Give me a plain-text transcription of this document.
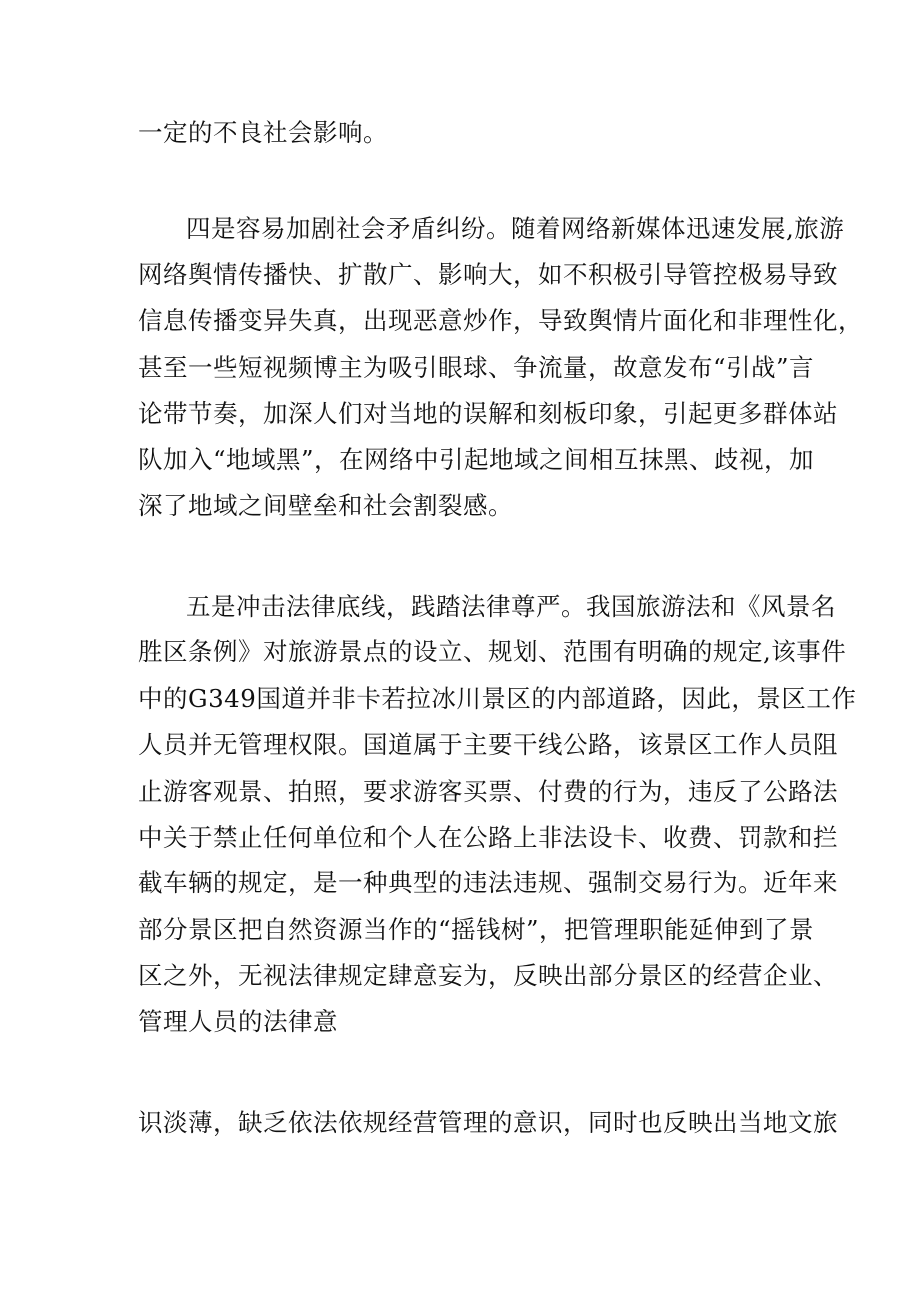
一定的不良社会影响。
四是容易加剧社会矛盾纠纷。随着网络新媒体迅速发展,旅游
网络舆情传播快、扩散广、影响大，如不积极引导管控极易导致
信息传播变异失真，出现恶意炒作，导致舆情片面化和非理性化，
甚至一些短视频博主为吸引眼球、争流量，故意发布“引战”言
论带节奏，加深人们对当地的误解和刻板印象，引起更多群体站
队加入“地域黑”，在网络中引起地域之间相互抹黑、歧视，加
深了地域之间壁垒和社会割裂感。
五是冲击法律底线，践踏法律尊严。我国旅游法和《风景名
胜区条例》对旅游景点的设立、规划、范围有明确的规定,该事件
中的G349国道并非卡若拉冰川景区的内部道路，因此，景区工作
人员并无管理权限。国道属于主要干线公路，该景区工作人员阻
止游客观景、拍照，要求游客买票、付费的行为，违反了公路法
中关于禁止任何单位和个人在公路上非法设卡、收费、罚款和拦
截车辆的规定，是一种典型的违法违规、强制交易行为。近年来
部分景区把自然资源当作的“摇钱树”，把管理职能延伸到了景
区之外，无视法律规定肆意妄为，反映出部分景区的经营企业、
管理人员的法律意
识淡薄，缺乏依法依规经营管理的意识，同时也反映出当地文旅
